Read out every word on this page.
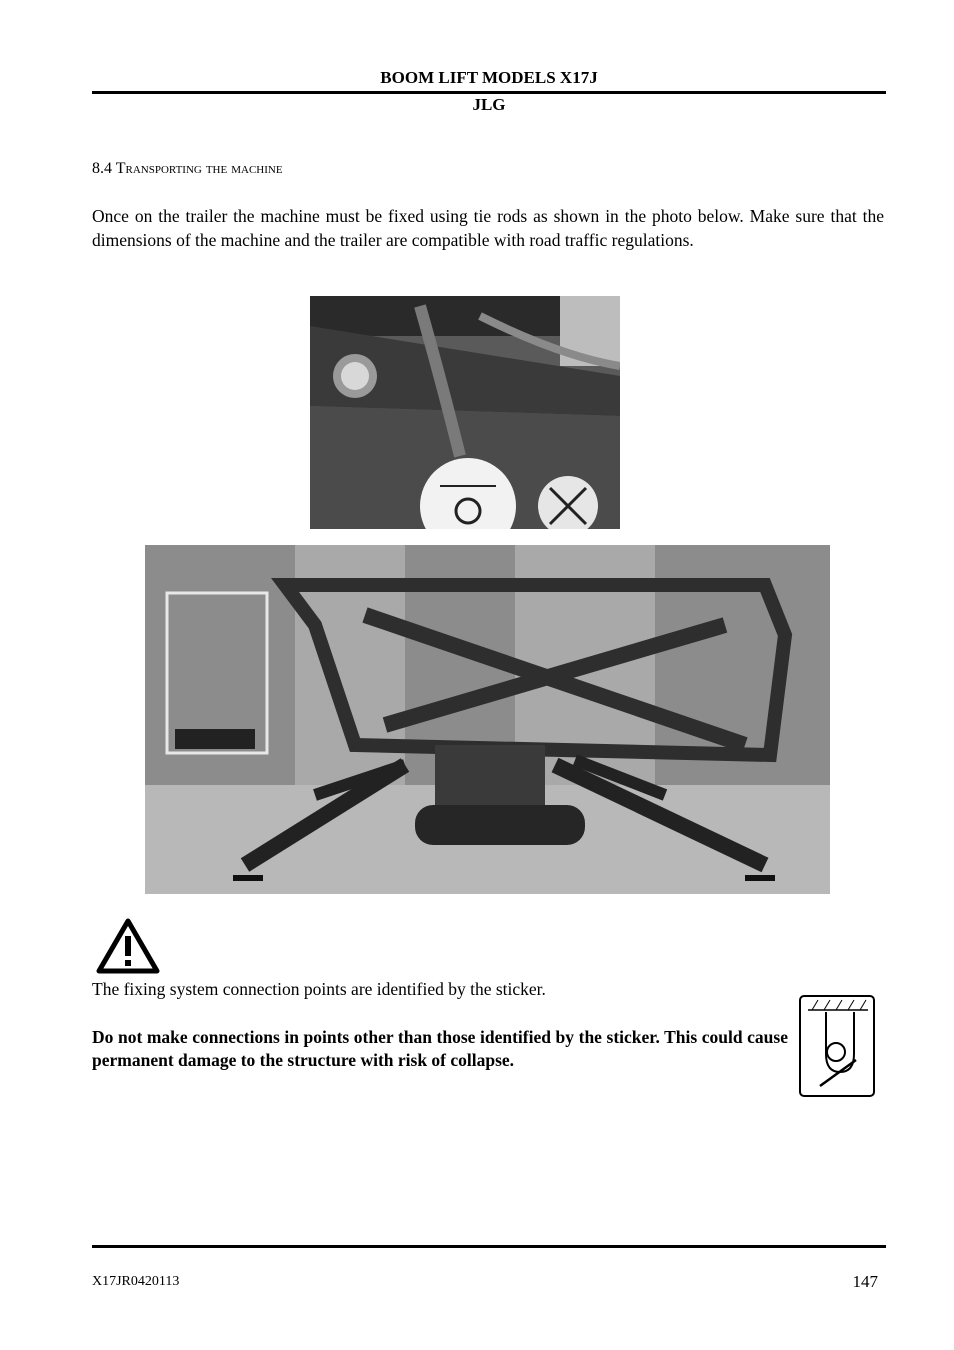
BOOM LIFT MODELS X17J
JLG
8.4 Transporting the machine
Once on the trailer the machine must be fixed using tie rods as shown in the photo below. Make sure that the dimensions of the machine and the trailer are compatible with road traffic regulations.
The fixing system connection points are identified by the sticker.
Do not make connections in points other than those identified by the sticker. This could cause permanent damage to the structure with risk of collapse.
X17JR0420113	147
